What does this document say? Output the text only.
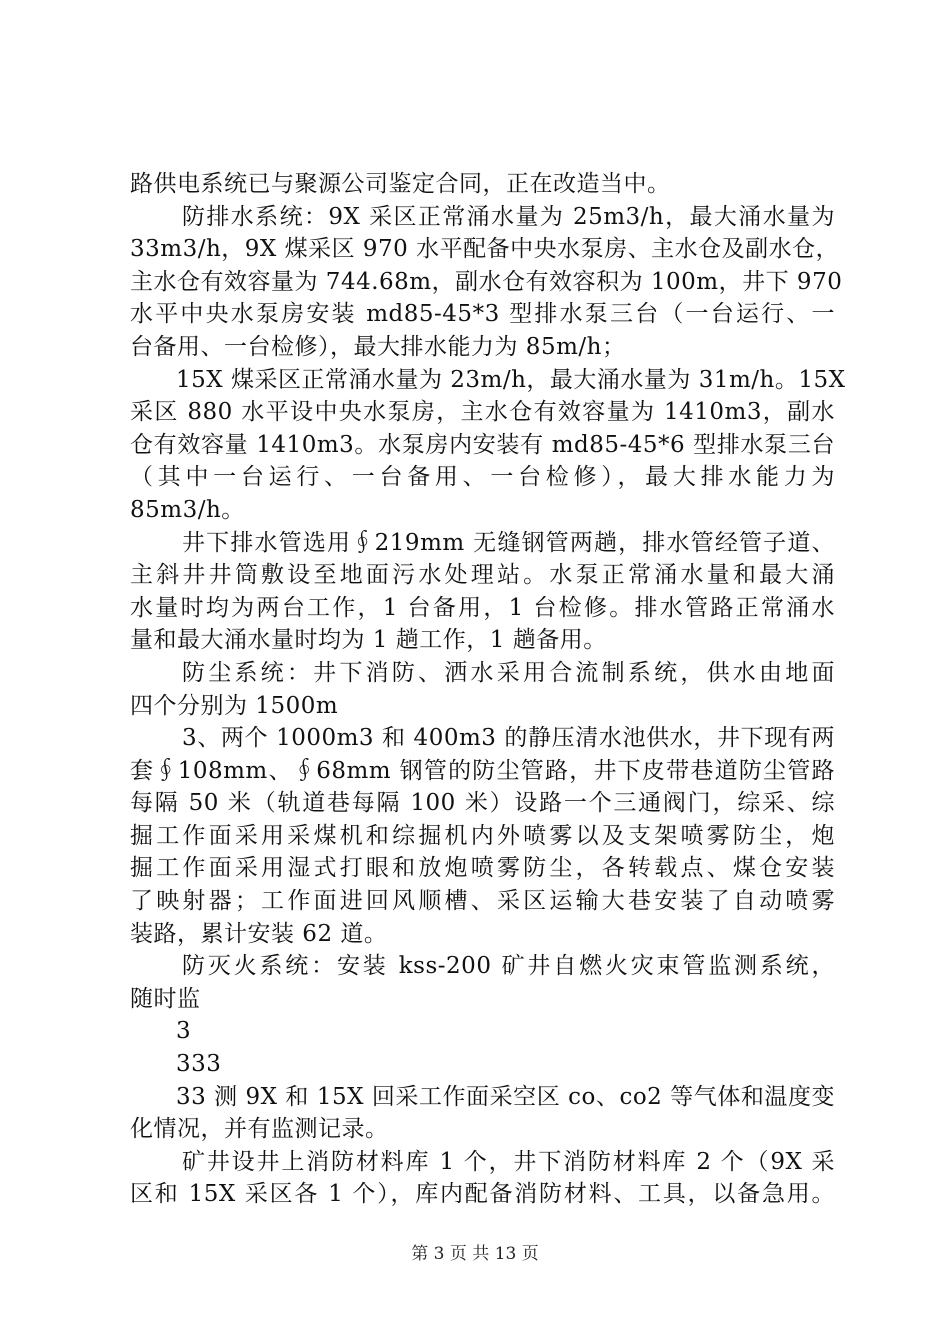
路供电系统已与聚源公司鉴定合同，正在改造当中。
防排水系统：9X 采区正常涌水量为 25m3/h，最大涌水量为
33m3/h，9X 煤采区 970 水平配备中央水泵房、主水仓及副水仓，
主水仓有效容量为 744.68m，副水仓有效容积为 100m，井下 970
水平中央水泵房安装 md85-45*3 型排水泵三台（一台运行、一
台备用、一台检修），最大排水能力为 85m/h；
15X 煤采区正常涌水量为 23m/h，最大涌水量为 31m/h。15X
采区 880 水平设中央水泵房，主水仓有效容量为 1410m3，副水
仓有效容量 1410m3。水泵房内安装有 md85-45*6 型排水泵三台
（其中一台运行、一台备用、一台检修），最大排水能力为
85m3/h。
井下排水管选用∮219mm 无缝钢管两趟，排水管经管子道、
主斜井井筒敷设至地面污水处理站。水泵正常涌水量和最大涌
水量时均为两台工作，1 台备用，1 台检修。排水管路正常涌水
量和最大涌水量时均为 1 趟工作，1 趟备用。
防尘系统：井下消防、洒水采用合流制系统，供水由地面
四个分别为 1500m
3、两个 1000m3 和 400m3 的静压清水池供水，井下现有两
套∮108mm、∮68mm 钢管的防尘管路，井下皮带巷道防尘管路
每隔 50 米（轨道巷每隔 100 米）设路一个三通阀门，综采、综
掘工作面采用采煤机和综掘机内外喷雾以及支架喷雾防尘，炮
掘工作面采用湿式打眼和放炮喷雾防尘，各转载点、煤仓安装
了映射器；工作面进回风顺槽、采区运输大巷安装了自动喷雾
装路，累计安装 62 道。
防灭火系统：安装 kss-200 矿井自燃火灾束管监测系统，
随时监
3
333
33 测 9X 和 15X 回采工作面采空区 co、co2 等气体和温度变
化情况，并有监测记录。
矿井设井上消防材料库 1 个，井下消防材料库 2 个（9X 采
区和 15X 采区各 1 个），库内配备消防材料、工具，以备急用。
第 3 页 共 13 页
